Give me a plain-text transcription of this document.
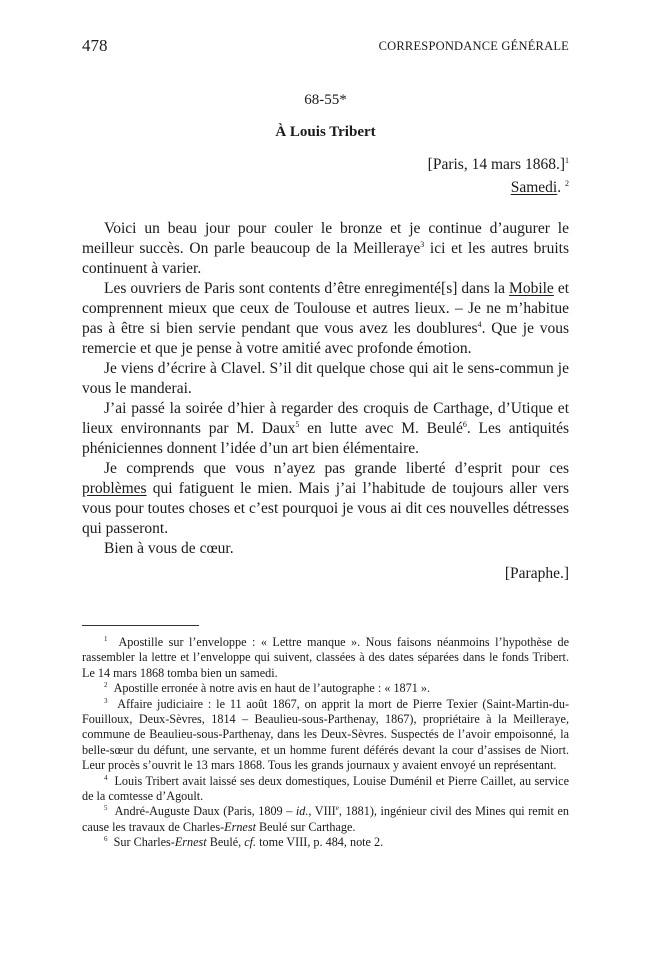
478	CORRESPONDANCE GÉNÉRALE
68-55*
À Louis Tribert
[Paris, 14 mars 1868.]$^1$
Samedi. $^2$

Voici un beau jour pour couler le bronze et je continue d’augurer le meilleur succès. On parle beaucoup de la Meilleraye$^3$ ici et les autres bruits continuent à varier.

Les ouvriers de Paris sont contents d’être enregimenté[s] dans la Mobile et comprennent mieux que ceux de Toulouse et autres lieux. – Je ne m’habitue pas à être si bien servie pendant que vous avez les doublures$^4$. Que je vous remercie et que je pense à votre amitié avec profonde émotion.

Je viens d’écrire à Clavel. S’il dit quelque chose qui ait le sens-commun je vous le manderai.

J’ai passé la soirée d’hier à regarder des croquis de Carthage, d’Utique et lieux environnants par M. Daux$^5$ en lutte avec M. Beulé$^6$. Les antiquités phéniciennes donnent l’idée d’un art bien élémentaire.

Je comprends que vous n’ayez pas grande liberté d’esprit pour ces problèmes qui fatiguent le mien. Mais j’ai l’habitude de toujours aller vers vous pour toutes choses et c’est pourquoi je vous ai dit ces nouvelles détresses qui passeront.

Bien à vous de cœur.

[Paraphe.]

$^1$ Apostille sur l’enveloppe : « Lettre manque ». Nous faisons néanmoins l’hypothèse de rassembler la lettre et l’enveloppe qui suivent, classées à des dates séparées dans le fonds Tribert. Le 14 mars 1868 tomba bien un samedi.

$^2$ Apostille erronée à notre avis en haut de l’autographe : « 1871 ».

$^3$ Affaire judiciaire : le 11 août 1867, on apprit la mort de Pierre Texier (Saint-Martin-du-Fouilloux, Deux-Sèvres, 1814 – Beaulieu-sous-Parthenay, 1867), propriétaire à la Meilleraye, commune de Beaulieu-sous-Parthenay, dans les Deux-Sèvres. Suspectés de l’avoir empoisonné, la belle-sœur du défunt, une servante, et un homme furent déférés devant la cour d’assises de Niort. Leur procès s’ouvrit le 13 mars 1868. Tous les grands journaux y avaient envoyé un représentant.

$^4$ Louis Tribert avait laissé ses deux domestiques, Louise Duménil et Pierre Caillet, au service de la comtesse d’Agoult.

$^5$ André-Auguste Daux (Paris, 1809 – id., VIIIe, 1881), ingénieur civil des Mines qui remit en cause les travaux de Charles-Ernest Beulé sur Carthage.

$^6$ Sur Charles-Ernest Beulé, cf. tome VIII, p. 484, note 2.
